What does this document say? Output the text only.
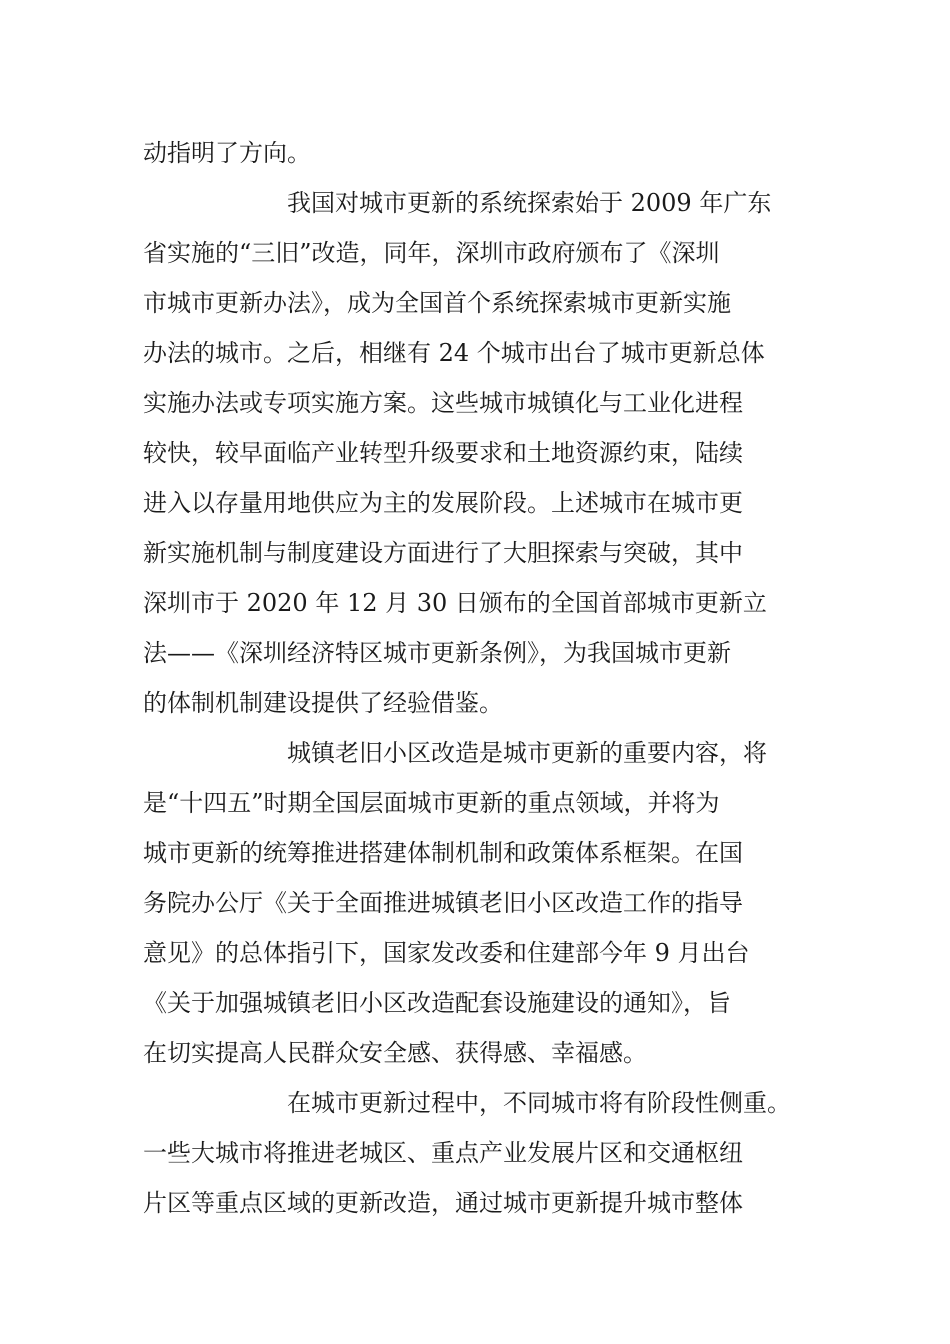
动指明了方向。
我国对城市更新的系统探索始于 2009 年广东
省实施的“三旧”改造，同年，深圳市政府颁布了《深圳
市城市更新办法》，成为全国首个系统探索城市更新实施
办法的城市。之后，相继有 24 个城市出台了城市更新总体
实施办法或专项实施方案。这些城市城镇化与工业化进程
较快，较早面临产业转型升级要求和土地资源约束，陆续
进入以存量用地供应为主的发展阶段。上述城市在城市更
新实施机制与制度建设方面进行了大胆探索与突破，其中
深圳市于 2020 年 12 月 30 日颁布的全国首部城市更新立
法——《深圳经济特区城市更新条例》，为我国城市更新
的体制机制建设提供了经验借鉴。
城镇老旧小区改造是城市更新的重要内容，将
是“十四五”时期全国层面城市更新的重点领域，并将为
城市更新的统筹推进搭建体制机制和政策体系框架。在国
务院办公厅《关于全面推进城镇老旧小区改造工作的指导
意见》的总体指引下，国家发改委和住建部今年 9 月出台
《关于加强城镇老旧小区改造配套设施建设的通知》，旨
在切实提高人民群众安全感、获得感、幸福感。
在城市更新过程中，不同城市将有阶段性侧重。
一些大城市将推进老城区、重点产业发展片区和交通枢纽
片区等重点区域的更新改造，通过城市更新提升城市整体
